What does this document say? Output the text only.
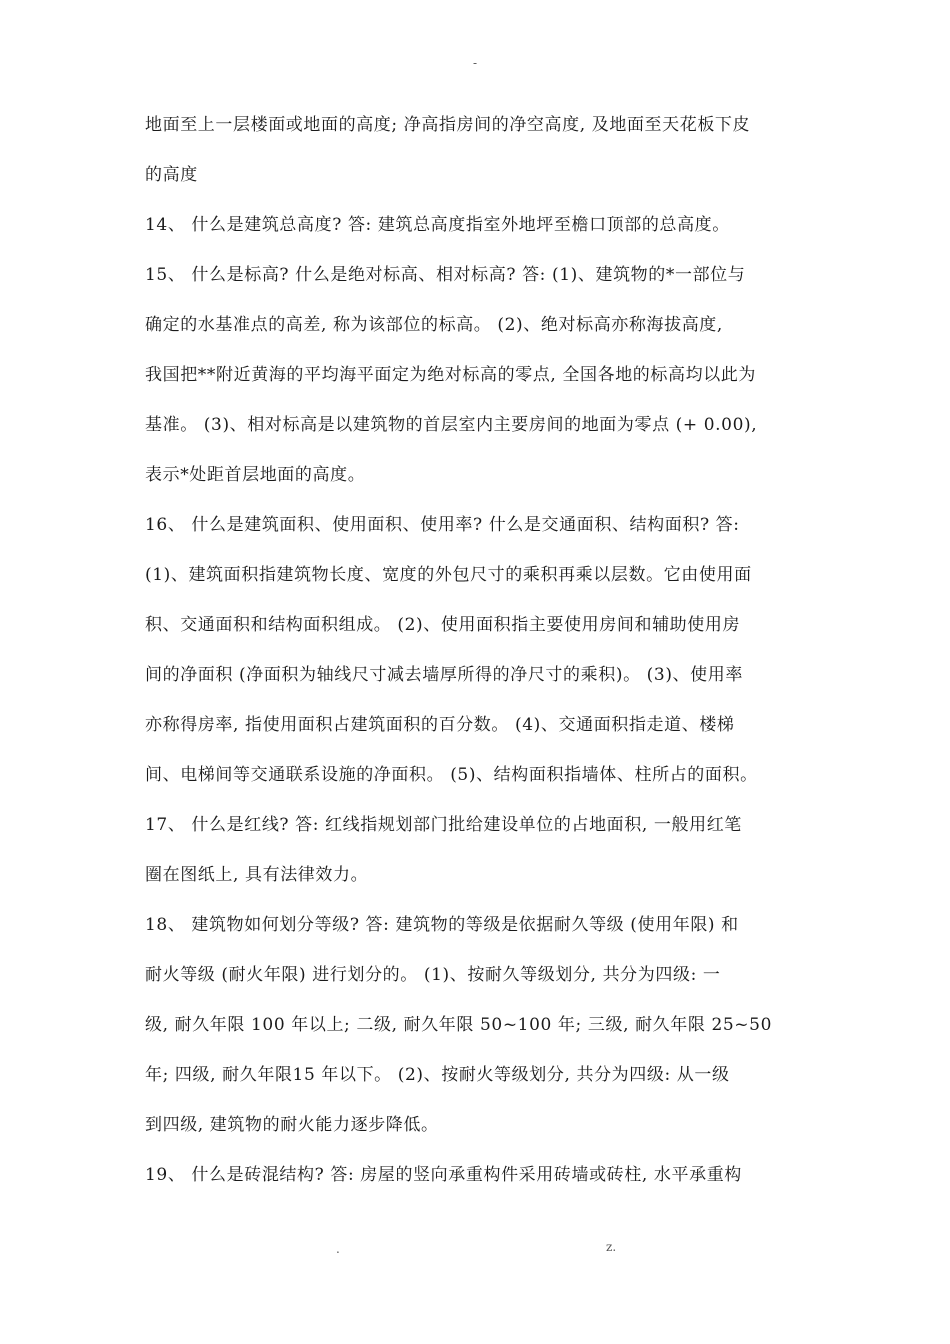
-
地面至上一层楼面或地面的高度; 净高指房间的净空高度, 及地面至天花板下皮
的高度
14、 什么是建筑总高度? 答: 建筑总高度指室外地坪至檐口顶部的总高度。
15、 什么是标高? 什么是绝对标高、相对标高? 答: (1)、建筑物的*一部位与
确定的水基准点的高差, 称为该部位的标高。 (2)、绝对标高亦称海拔高度,
我国把**附近黄海的平均海平面定为绝对标高的零点, 全国各地的标高均以此为
基准。 (3)、相对标高是以建筑物的首层室内主要房间的地面为零点 (+ 0.00),
表示*处距首层地面的高度。
16、 什么是建筑面积、使用面积、使用率? 什么是交通面积、结构面积? 答:
(1)、建筑面积指建筑物长度、宽度的外包尺寸的乘积再乘以层数。它由使用面
积、交通面积和结构面积组成。 (2)、使用面积指主要使用房间和辅助使用房
间的净面积 (净面积为轴线尺寸减去墙厚所得的净尺寸的乘积)。 (3)、使用率
亦称得房率, 指使用面积占建筑面积的百分数。 (4)、交通面积指走道、楼梯
间、电梯间等交通联系设施的净面积。 (5)、结构面积指墙体、柱所占的面积。
17、 什么是红线? 答: 红线指规划部门批给建设单位的占地面积, 一般用红笔
圈在图纸上, 具有法律效力。
18、 建筑物如何划分等级? 答: 建筑物的等级是依据耐久等级 (使用年限) 和
耐火等级 (耐火年限) 进行划分的。 (1)、按耐久等级划分, 共分为四级: 一
级, 耐久年限 100 年以上; 二级, 耐久年限 50~100 年; 三级, 耐久年限 25~50
年; 四级, 耐久年限15 年以下。 (2)、按耐火等级划分, 共分为四级: 从一级
到四级, 建筑物的耐火能力逐步降低。
19、 什么是砖混结构? 答: 房屋的竖向承重构件采用砖墙或砖柱, 水平承重构
.	z.
